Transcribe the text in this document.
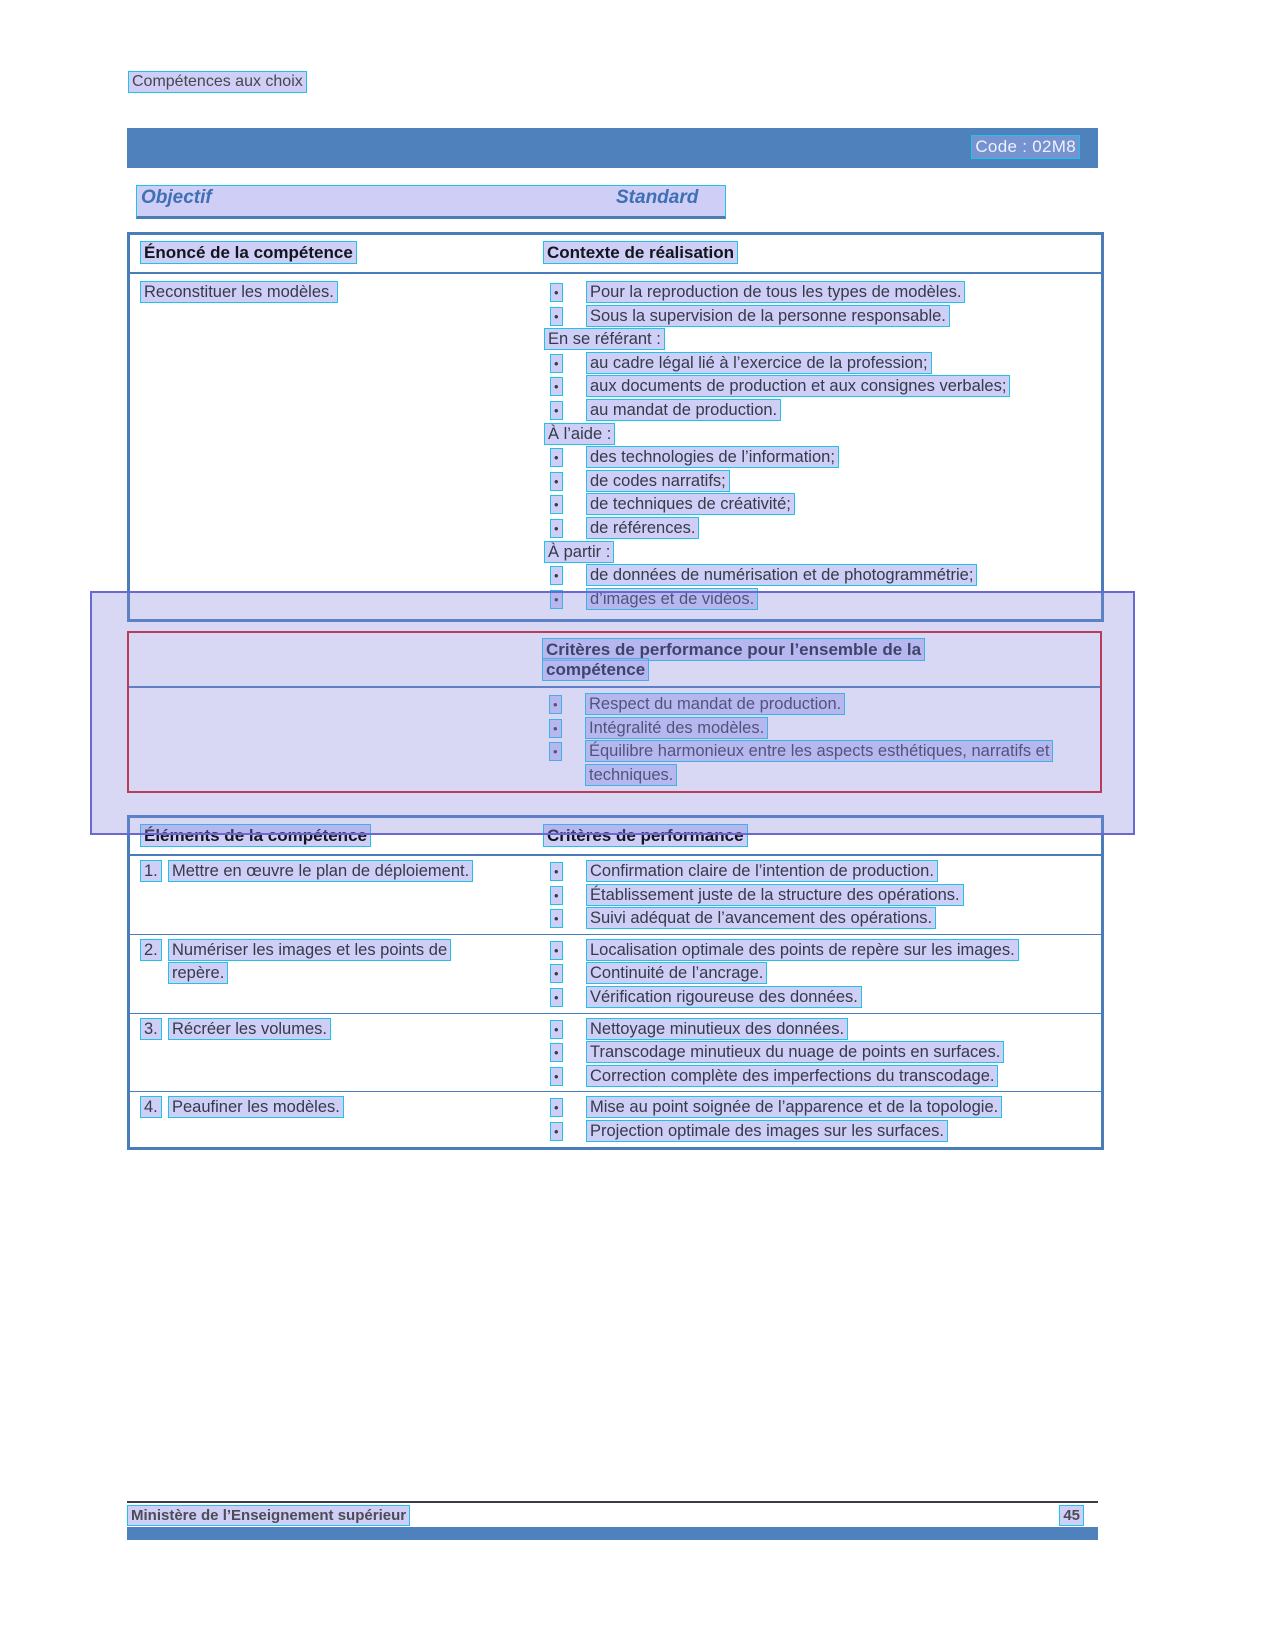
Compétences aux choix
Code : 02M8
Objectif	Standard
Énoncé de la compétence	Contexte de réalisation
Reconstituer les modèles.	•	Pour la reproduction de tous les types de modèles.
•	Sous la supervision de la personne responsable.
En se référant :
•	au cadre légal lié à l’exercice de la profession;
•	aux documents de production et aux consignes verbales;
•	au mandat de production.
À l’aide :
•	des technologies de l’information;
•	de codes narratifs;
•	de techniques de créativité;
•	de références.
À partir :
•	de données de numérisation et de photogrammétrie;
•	d’images et de vidéos.
Critères de performance pour l’ensemble de la compétence
•	Respect du mandat de production.
•	Intégralité des modèles.
•	Équilibre harmonieux entre les aspects esthétiques, narratifs et techniques.
Éléments de la compétence	Critères de performance
1. Mettre en œuvre le plan de déploiement.	•	Confirmation claire de l’intention de production.
•	Établissement juste de la structure des opérations.
•	Suivi adéquat de l’avancement des opérations.
2. Numériser les images et les points de repère.
•	Localisation optimale des points de repère sur les images.
•	Continuité de l’ancrage.
•	Vérification rigoureuse des données.
3. Récréer les volumes.	•	Nettoyage minutieux des données.
•	Transcodage minutieux du nuage de points en surfaces.
•	Correction complète des imperfections du transcodage.
4. Peaufiner les modèles.	•	Mise au point soignée de l’apparence et de la topologie.
•	Projection optimale des images sur les surfaces.
Ministère de l’Enseignement supérieur	45
